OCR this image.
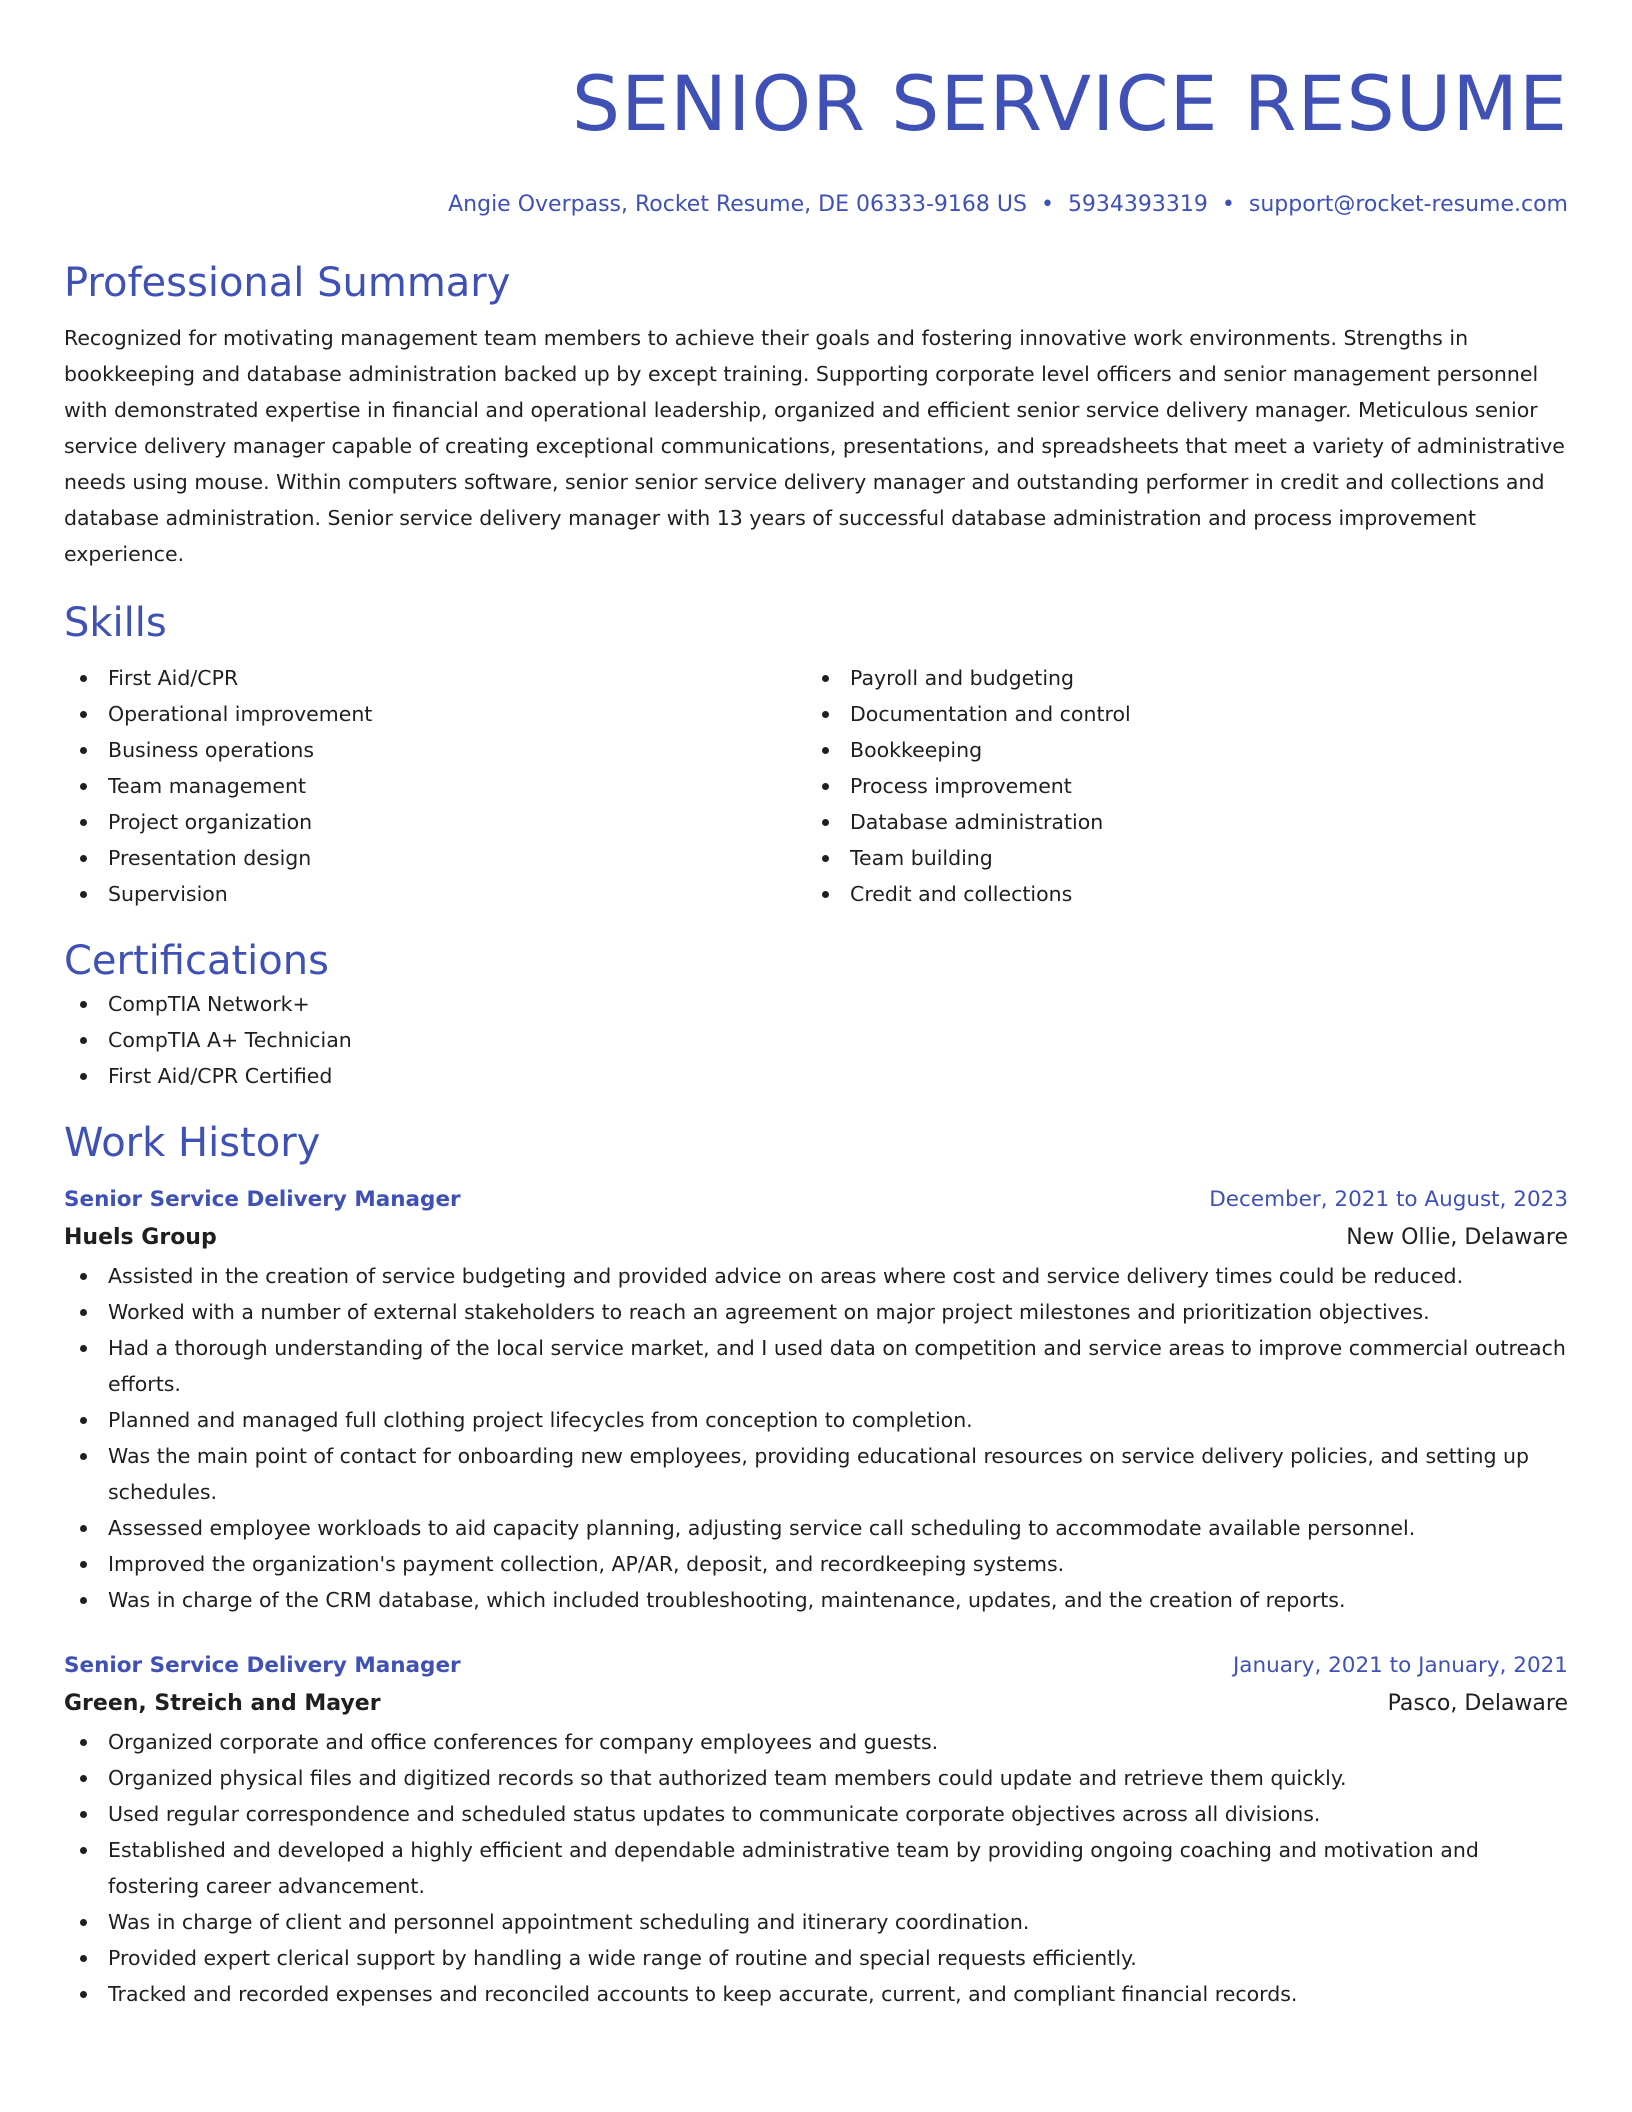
SENIOR SERVICE RESUME
Angie Overpass, Rocket Resume, DE 06333-9168 US • 5934393319 • support@rocket-resume.com
Professional Summary

Recognized for motivating management team members to achieve their goals and fostering innovative work environments. Strengths in bookkeeping and database administration backed up by except training. Supporting corporate level officers and senior management personnel with demonstrated expertise in financial and operational leadership, organized and efficient senior service delivery manager. Meticulous senior service delivery manager capable of creating exceptional communications, presentations, and spreadsheets that meet a variety of administrative needs using mouse. Within computers software, senior senior service delivery manager and outstanding performer in credit and collections and database administration. Senior service delivery manager with 13 years of successful database administration and process improvement experience.

Skills
First Aid/CPR
Operational improvement
Business operations
Team management
Project organization
Presentation design
Supervision
Payroll and budgeting
Documentation and control
Bookkeeping
Process improvement
Database administration
Team building
Credit and collections
Certifications
CompTIA Network+
CompTIA A+ Technician
First Aid/CPR Certified
Work History
Senior Service Delivery Manager	December, 2021 to August, 2023
Huels Group	New Ollie, Delaware
Assisted in the creation of service budgeting and provided advice on areas where cost and service delivery times could be reduced.
Worked with a number of external stakeholders to reach an agreement on major project milestones and prioritization objectives.
Had a thorough understanding of the local service market, and I used data on competition and service areas to improve commercial outreach efforts.
Planned and managed full clothing project lifecycles from conception to completion.
Was the main point of contact for onboarding new employees, providing educational resources on service delivery policies, and setting up schedules.
Assessed employee workloads to aid capacity planning, adjusting service call scheduling to accommodate available personnel.
Improved the organization's payment collection, AP/AR, deposit, and recordkeeping systems.
Was in charge of the CRM database, which included troubleshooting, maintenance, updates, and the creation of reports.
Senior Service Delivery Manager	January, 2021 to January, 2021
Green, Streich and Mayer	Pasco, Delaware
Organized corporate and office conferences for company employees and guests.
Organized physical files and digitized records so that authorized team members could update and retrieve them quickly.
Used regular correspondence and scheduled status updates to communicate corporate objectives across all divisions.
Established and developed a highly efficient and dependable administrative team by providing ongoing coaching and motivation and fostering career advancement.
Was in charge of client and personnel appointment scheduling and itinerary coordination.
Provided expert clerical support by handling a wide range of routine and special requests efficiently.
Tracked and recorded expenses and reconciled accounts to keep accurate, current, and compliant financial records.
